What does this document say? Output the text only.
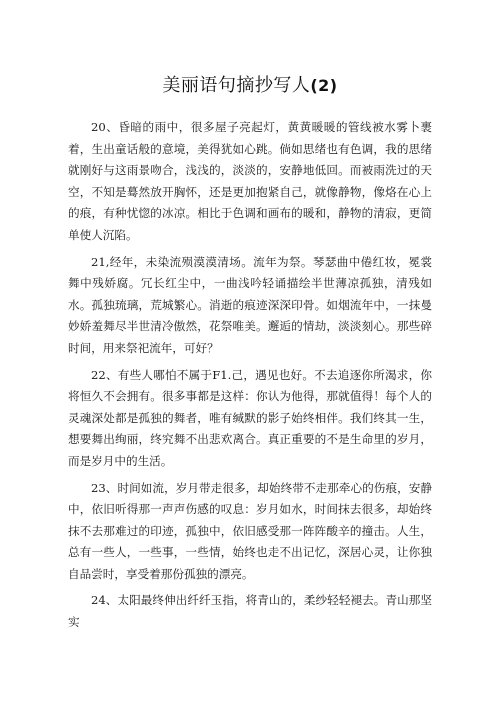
美丽语句摘抄写人(2)

20、昏暗的雨中，很多屋子亮起灯，黄黄暖暖的管线被水雾卜裹着，生出童话般的意境，美得犹如心跳。倘如思绪也有色调，我的思绪就刚好与这雨景吻合，浅浅的，淡淡的，安静地低回。而被雨洗过的天空，不知是蓦然放开胸怀，还是更加抱紧自己，就像静物，像烙在心上的痕，有种忧惚的冰凉。相比于色调和画布的暖和，静物的清寂，更简单使人沉陷。

21,经年，未染流殒漠漠清场。流年为祭。琴瑟曲中倦红妆，冕裳舞中残娇腐。冗长红尘中，一曲浅吟轻诵描绘半世薄凉孤独，清残如水。孤独琉璃，荒城繁心。消逝的痕迹深深印骨。如烟流年中，一抹曼妙娇羞舞尽半世清冷傲然，花祭唯美。邂逅的情劫，淡淡刻心。那些碎时间，用来祭祀流年，可好？

22、有些人哪怕不属于F1.己，遇见也好。不去追逐你所渴求，你将恒久不会拥有。很多事都是这样：你认为他得，那就值得！每个人的灵魂深处都是孤独的舞者，唯有缄默的影子始终相伴。我们终其一生，想要舞出绚丽，终究舞不出悲欢离合。真正重要的不是生命里的岁月，而是岁月中的生活。

23、时间如流，岁月带走很多，却始终带不走那牵心的伤痕，安静中，依旧听得那一声声伤感的叹息：岁月如水，时间抹去很多，却始终抹不去那难过的印迹，孤独中，依旧感受那一阵阵酸辛的撞击。人生，总有一些人，一些事，一些情，始终也走不出记忆，深居心灵，让你独自品尝时，享受着那份孤独的漂亮。

24、太阳最终伸出纤纤玉指，将青山的，柔纱轻轻褪去。青山那坚实
